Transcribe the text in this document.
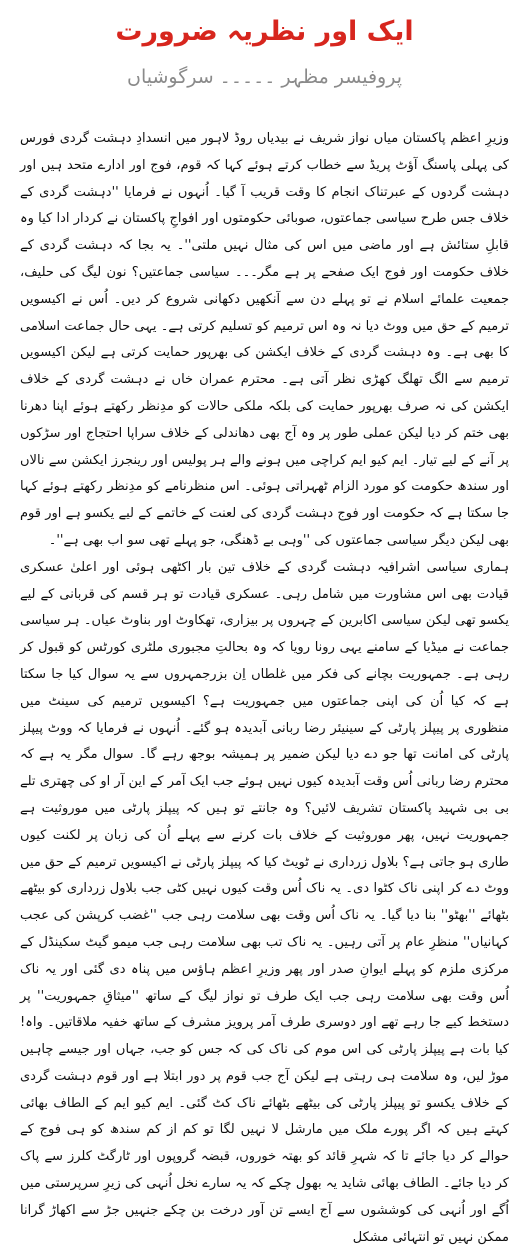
ایک اور نظریہ ضرورت
پروفیسر مظہر ۔۔۔۔۔ سرگوشیاں

وزیرِ اعظم پاکستان میاں نواز شریف نے بیدیاں روڈ لاہور میں انسدادِ دہشت گردی فورس کی پہلی پاسنگ آؤٹ پریڈ سے خطاب کرتے ہوئے کہا کہ قوم، فوج اور ادارے متحد ہیں اور دہشت گردوں کے عبرتناک انجام کا وقت قریب آ گیا۔ اُنہوں نے فرمایا ''دہشت گردی کے خلاف جس طرح سیاسی جماعتوں، صوبائی حکومتوں اور افواجِ پاکستان نے کردار ادا کیا وہ قابلِ ستائش ہے اور ماضی میں اس کی مثال نہیں ملتی''۔ یہ بجا کہ دہشت گردی کے خلاف حکومت اور فوج ایک صفحے پر ہے مگر۔۔۔ سیاسی جماعتیں؟ نون لیگ کی حلیف، جمعیت علمائے اسلام نے تو پہلے دن سے آنکھیں دکھانی شروع کر دیں۔ اُس نے اکیسویں ترمیم کے حق میں ووٹ دیا نہ وہ اس ترمیم کو تسلیم کرتی ہے۔ یہی حال جماعت اسلامی کا بھی ہے۔ وہ دہشت گردی کے خلاف ایکشن کی بھرپور حمایت کرتی ہے لیکن اکیسویں ترمیم سے الگ تھلگ کھڑی نظر آتی ہے۔ محترم عمران خاں نے دہشت گردی کے خلاف ایکشن کی نہ صرف بھرپور حمایت کی بلکہ ملکی حالات کو مدِنظر رکھتے ہوئے اپنا دھرنا بھی ختم کر دیا لیکن عملی طور پر وہ آج بھی دھاندلی کے خلاف سراپا احتجاج اور سڑکوں پر آنے کے لیے تیار۔ ایم کیو ایم کراچی میں ہونے والے ہر پولیس اور رینجرز ایکشن سے نالاں اور سندھ حکومت کو مورد الزام ٹھہراتی ہوئی۔ اس منظرنامے کو مدِنظر رکھتے ہوئے کہا جا سکتا ہے کہ حکومت اور فوج دہشت گردی کی لعنت کے خاتمے کے لیے یکسو ہے اور قوم بھی لیکن دیگر سیاسی جماعتوں کی ''وہی بے ڈھنگی، جو پہلے تھی سو اب بھی ہے''۔

ہماری سیاسی اشرافیہ دہشت گردی کے خلاف تین بار اکٹھی ہوئی اور اعلیٰ عسکری قیادت بھی اس مشاورت میں شامل رہی۔ عسکری قیادت تو ہر قسم کی قربانی کے لیے یکسو تھی لیکن سیاسی اکابرین کے چہروں پر بیزاری، تھکاوٹ اور بناوٹ عیاں۔ ہر سیاسی جماعت نے میڈیا کے سامنے یہی رونا رویا کہ وہ بحالتِ مجبوری ملٹری کورٹس کو قبول کر رہی ہے۔ جمہوریت بچانے کی فکر میں غلطاں اِن بزرجمہروں سے یہ سوال کیا جا سکتا ہے کہ کیا اُن کی اپنی جماعتوں میں جمہوریت ہے؟ اکیسویں ترمیم کی سینٹ میں منظوری پر پیپلز پارٹی کے سینیئر رضا ربانی آبدیدہ ہو گئے۔ اُنہوں نے فرمایا کہ ووٹ پیپلز پارٹی کی امانت تھا جو دے دیا لیکن ضمیر پر ہمیشہ بوجھ رہے گا۔ سوال مگر یہ ہے کہ محترم رضا ربانی اُس وقت آبدیدہ کیوں نہیں ہوئے جب ایک آمر کے این آر او کی چھتری تلے بی بی شہید پاکستان تشریف لائیں؟ وہ جانتے تو ہیں کہ پیپلز پارٹی میں موروثیت ہے جمہوریت نہیں، پھر موروثیت کے خلاف بات کرنے سے پہلے اُن کی زبان پر لکنت کیوں طاری ہو جاتی ہے؟ بلاول زرداری نے ٹویٹ کیا کہ پیپلز پارٹی نے اکیسویں ترمیم کے حق میں ووٹ دے کر اپنی ناک کٹوا دی۔ یہ ناک اُس وقت کیوں نہیں کٹی جب بلاول زرداری کو بیٹھے بٹھائے ''بھٹو'' بنا دیا گیا۔ یہ ناک اُس وقت بھی سلامت رہی جب ''غضب کرپشن کی عجب کہانیاں'' منظرِ عام پر آتی رہیں۔ یہ ناک تب بھی سلامت رہی جب میمو گیٹ سکینڈل کے مرکزی ملزم کو پہلے ایوانِ صدر اور پھر وزیرِ اعظم ہاؤس میں پناہ دی گئی اور یہ ناک اُس وقت بھی سلامت رہی جب ایک طرف تو نواز لیگ کے ساتھ ''میثاقِ جمہوریت'' پر دستخط کیے جا رہے تھے اور دوسری طرف آمر پرویز مشرف کے ساتھ خفیہ ملاقاتیں۔ واہ! کیا بات ہے پیپلز پارٹی کی اس موم کی ناک کی کہ جس کو جب، جہاں اور جیسے چاہیں موڑ لیں، وہ سلامت ہی رہتی ہے لیکن آج جب قوم پر دور ابتلا ہے اور قوم دہشت گردی کے خلاف یکسو تو پیپلز پارٹی کی بیٹھے بٹھائے ناک کٹ گئی۔ ایم کیو ایم کے الطاف بھائی کہتے ہیں کہ اگر پورے ملک میں مارشل لا نہیں لگا تو کم از کم سندھ کو ہی فوج کے حوالے کر دیا جائے تا کہ شہرِ قائد کو بھتہ خوروں، قبضہ گروپوں اور ٹارگٹ کلرز سے پاک کر دیا جائے۔ الطاف بھائی شاید یہ بھول چکے کہ یہ سارے نخل اُنہی کی زیرِ سرپرستی میں اُگے اور اُنہی کی کوششوں سے آج ایسے تن آور درخت بن چکے جنہیں جڑ سے اکھاڑ گرانا ممکن نہیں تو انتہائی مشکل
